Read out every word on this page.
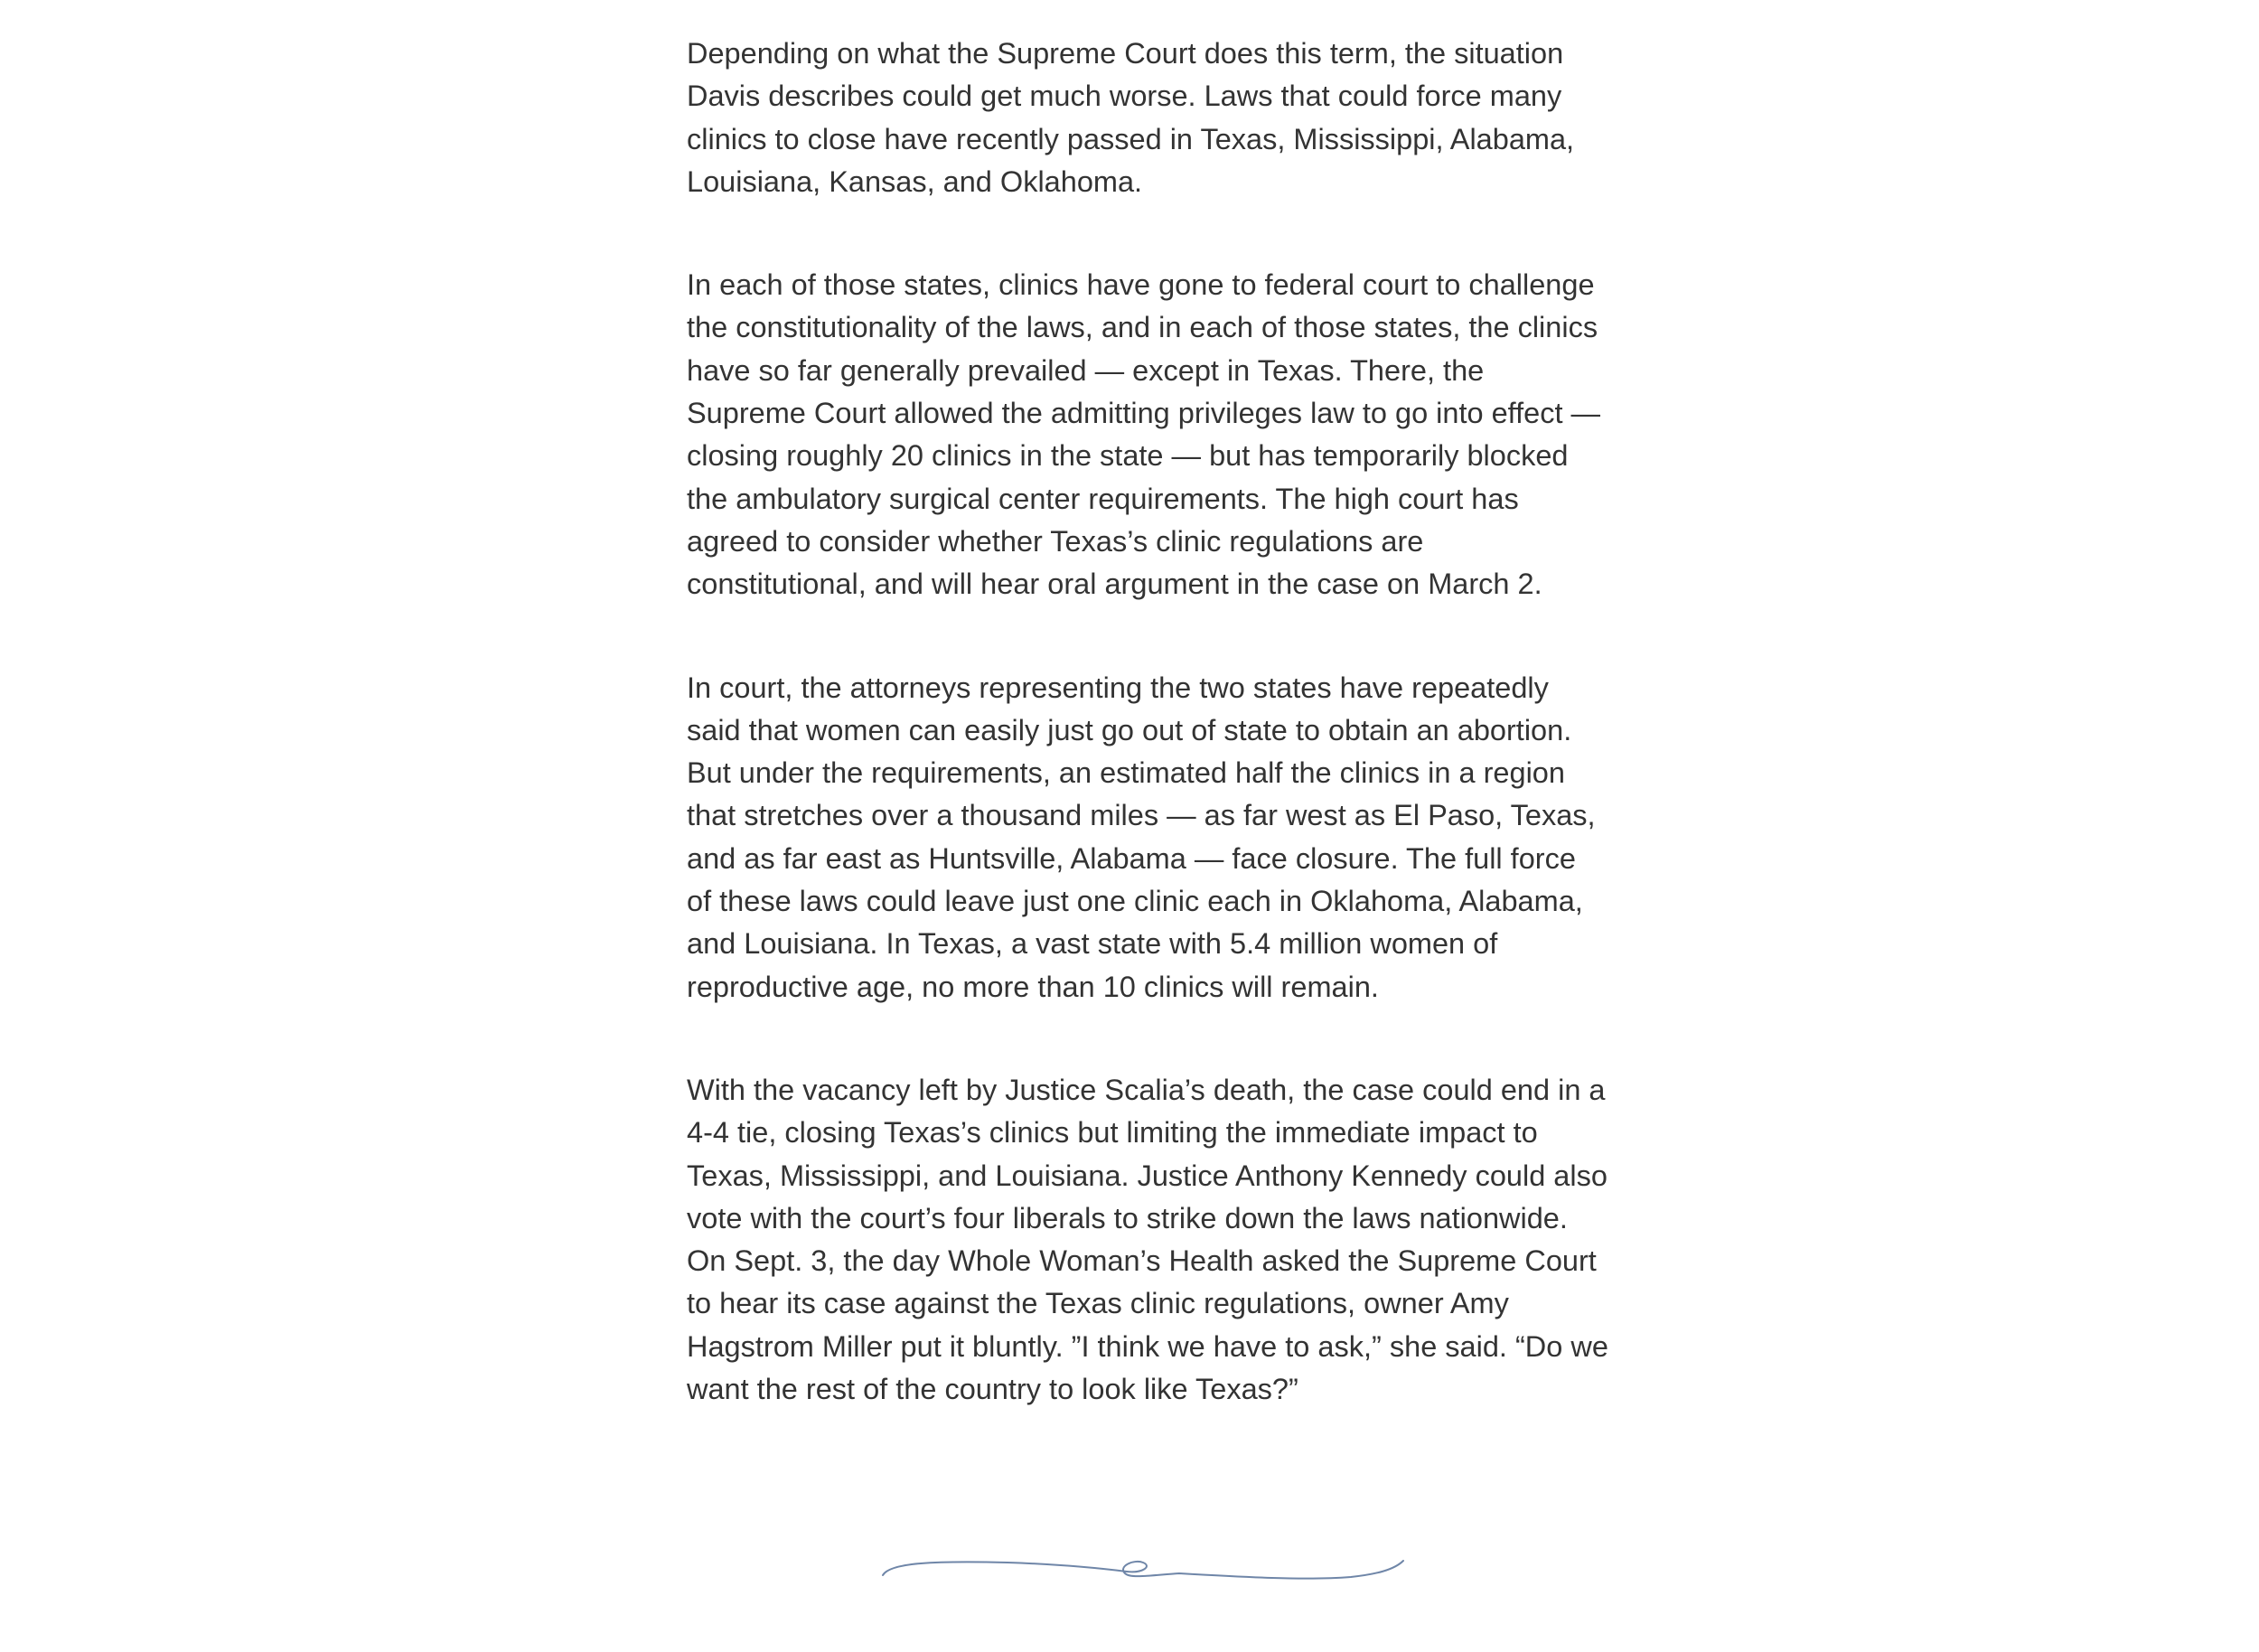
Depending on what the Supreme Court does this term, the situation Davis describes could get much worse. Laws that could force many clinics to close have recently passed in Texas, Mississippi, Alabama, Louisiana, Kansas, and Oklahoma.

In each of those states, clinics have gone to federal court to challenge the constitutionality of the laws, and in each of those states, the clinics have so far generally prevailed — except in Texas. There, the Supreme Court allowed the admitting privileges law to go into effect — closing roughly 20 clinics in the state — but has temporarily blocked the ambulatory surgical center requirements. The high court has agreed to consider whether Texas’s clinic regulations are constitutional, and will hear oral argument in the case on March 2.

In court, the attorneys representing the two states have repeatedly said that women can easily just go out of state to obtain an abortion. But under the requirements, an estimated half the clinics in a region that stretches over a thousand miles — as far west as El Paso, Texas, and as far east as Huntsville, Alabama — face closure. The full force of these laws could leave just one clinic each in Oklahoma, Alabama, and Louisiana. In Texas, a vast state with 5.4 million women of reproductive age, no more than 10 clinics will remain.

With the vacancy left by Justice Scalia’s death, the case could end in a 4-4 tie, closing Texas’s clinics but limiting the immediate impact to Texas, Mississippi, and Louisiana. Justice Anthony Kennedy could also vote with the court’s four liberals to strike down the laws nationwide. On Sept. 3, the day Whole Woman’s Health asked the Supreme Court to hear its case against the Texas clinic regulations, owner Amy Hagstrom Miller put it bluntly. ”I think we have to ask,” she said. “Do we want the rest of the country to look like Texas?”
